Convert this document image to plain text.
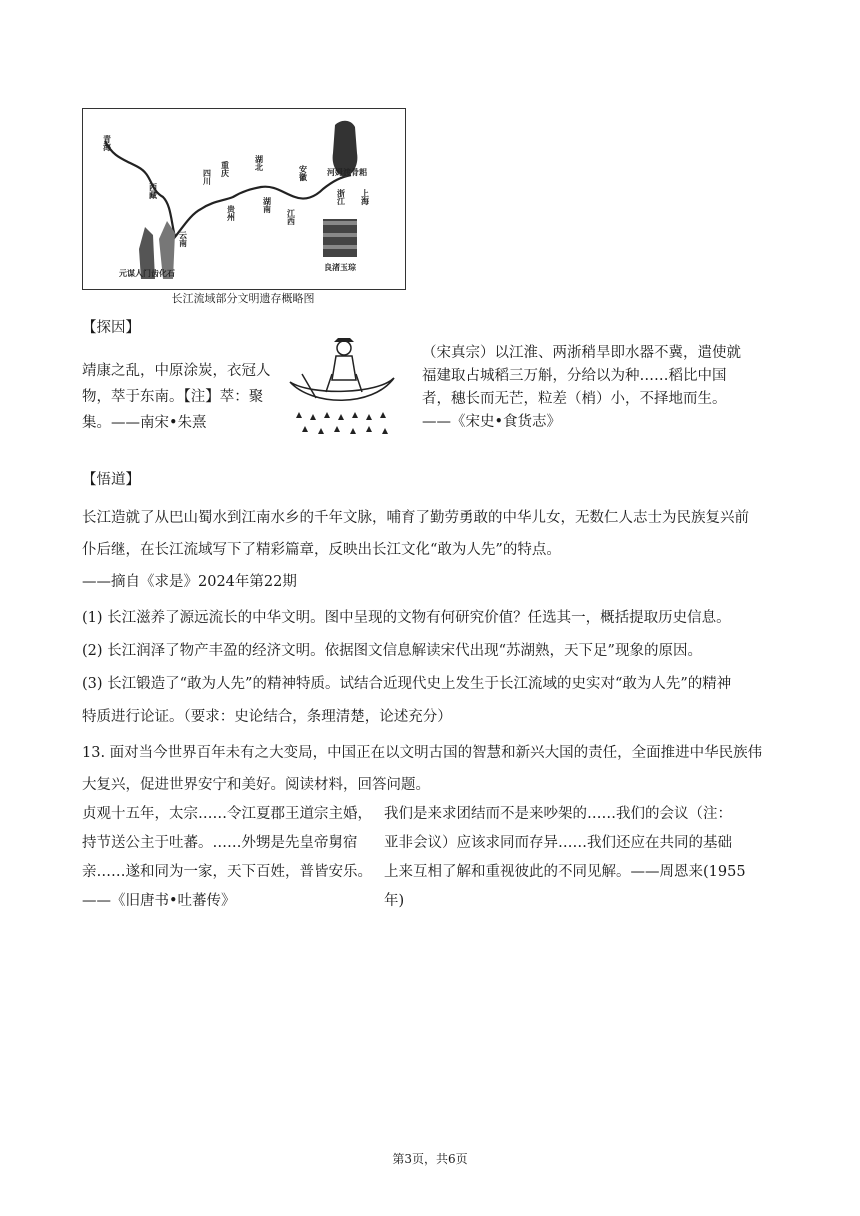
青海
西藏
四川 重庆
贵州
湖北
湖南
安徽
江西
浙江 上海
云南
元谋人门齿化石
河姆渡骨耜
良渚玉琮
长江流域部分文明遗存概略图
【探因】
靖康之乱，中原涂炭，衣冠人
物，萃于东南。【注】萃：聚
集。——南宋•朱熹
（宋真宗）以江淮、两浙稍旱即水器不冀，遣使就
福建取占城稻三万斛，分给以为种……稻比中国
者，穗长而无芒，粒差（梢）小，不择地而生。
——《宋史•食货志》
【悟道】
长江造就了从巴山蜀水到江南水乡的千年文脉，哺育了勤劳勇敢的中华儿女，无数仁人志士为民族复兴前
仆后继，在长江流域写下了精彩篇章，反映出长江文化“敢为人先”的特点。
——摘自《求是》2024年第22期
(1) 长江滋养了源远流长的中华文明。图中呈现的文物有何研究价值？任选其一，概括提取历史信息。
(2) 长江润泽了物产丰盈的经济文明。依据图文信息解读宋代出现“苏湖熟，天下足”现象的原因。
(3) 长江锻造了“敢为人先”的精神特质。试结合近现代史上发生于长江流域的史实对“敢为人先”的精神
特质进行论证。（要求：史论结合，条理清楚，论述充分）
13. 面对当今世界百年未有之大变局，中国正在以文明古国的智慧和新兴大国的责任，全面推进中华民族伟
大复兴，促进世界安宁和美好。阅读材料，回答问题。
贞观十五年，太宗……令江夏郡王道宗主婚，
持节送公主于吐蕃。……外甥是先皇帝舅宿
亲……遂和同为一家，天下百姓，普皆安乐。
——《旧唐书•吐蕃传》
我们是来求团结而不是来吵架的……我们的会议（注：
亚非会议）应该求同而存异……我们还应在共同的基础
上来互相了解和重视彼此的不同见解。——周恩来(1955
年)
第3页，共6页
